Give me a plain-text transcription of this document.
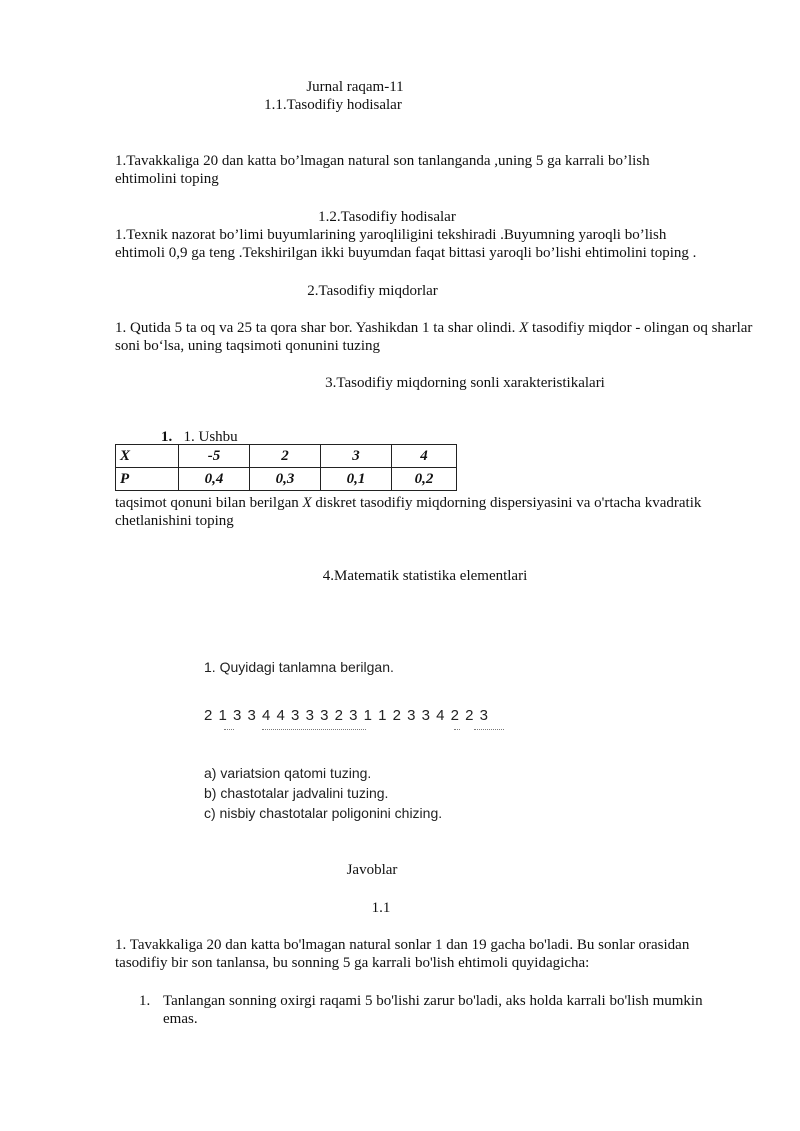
Jurnal raqam-11
1.1.Tasodifiy hodisalar
1.Tavakkaliga 20 dan katta bo’lmagan natural son tanlanganda ,uning 5 ga karrali bo’lish ehtimolini toping
1.2.Tasodifiy hodisalar
1.Texnik nazorat bo’limi buyumlarining yaroqliligini tekshiradi .Buyumning yaroqli bo’lish ehtimoli 0,9 ga teng .Tekshirilgan ikki buyumdan faqat bittasi yaroqli bo’lishi ehtimolini toping .
2.Tasodifiy miqdorlar
1. Qutida 5 ta oq va 25 ta qora shar bor. Yashikdan 1 ta shar olindi. X tasodifiy miqdor - olingan oq sharlar soni bo‘lsa, uning taqsimoti qonunini tuzing
3.Tasodifiy miqdorning sonli xarakteristikalari
1. 1. Ushbu
X	-5	2	3	4
P	0,4	0,3	0,1	0,2
taqsimot qonuni bilan berilgan X diskret tasodifiy miqdorning dispersiyasini va o'rtacha kvadratik chetlanishini toping
4.Matematik statistika elementlari
1. Quyidagi tanlamna berilgan.
2 1 3 3 4 4 3 3 3 2 3 1 1 2 3 3 4 2 2 3
a) variatsion qatomi tuzing.
b) chastotalar jadvalini tuzing.
c) nisbiy chastotalar poligonini chizing.
Javoblar
1.1
1. Tavakkaliga 20 dan katta bo'lmagan natural sonlar 1 dan 19 gacha bo'ladi. Bu sonlar orasidan tasodifiy bir son tanlansa, bu sonning 5 ga karrali bo'lish ehtimoli quyidagicha:
1. Tanlangan sonning oxirgi raqami 5 bo'lishi zarur bo'ladi, aks holda karrali bo'lish mumkin emas.
